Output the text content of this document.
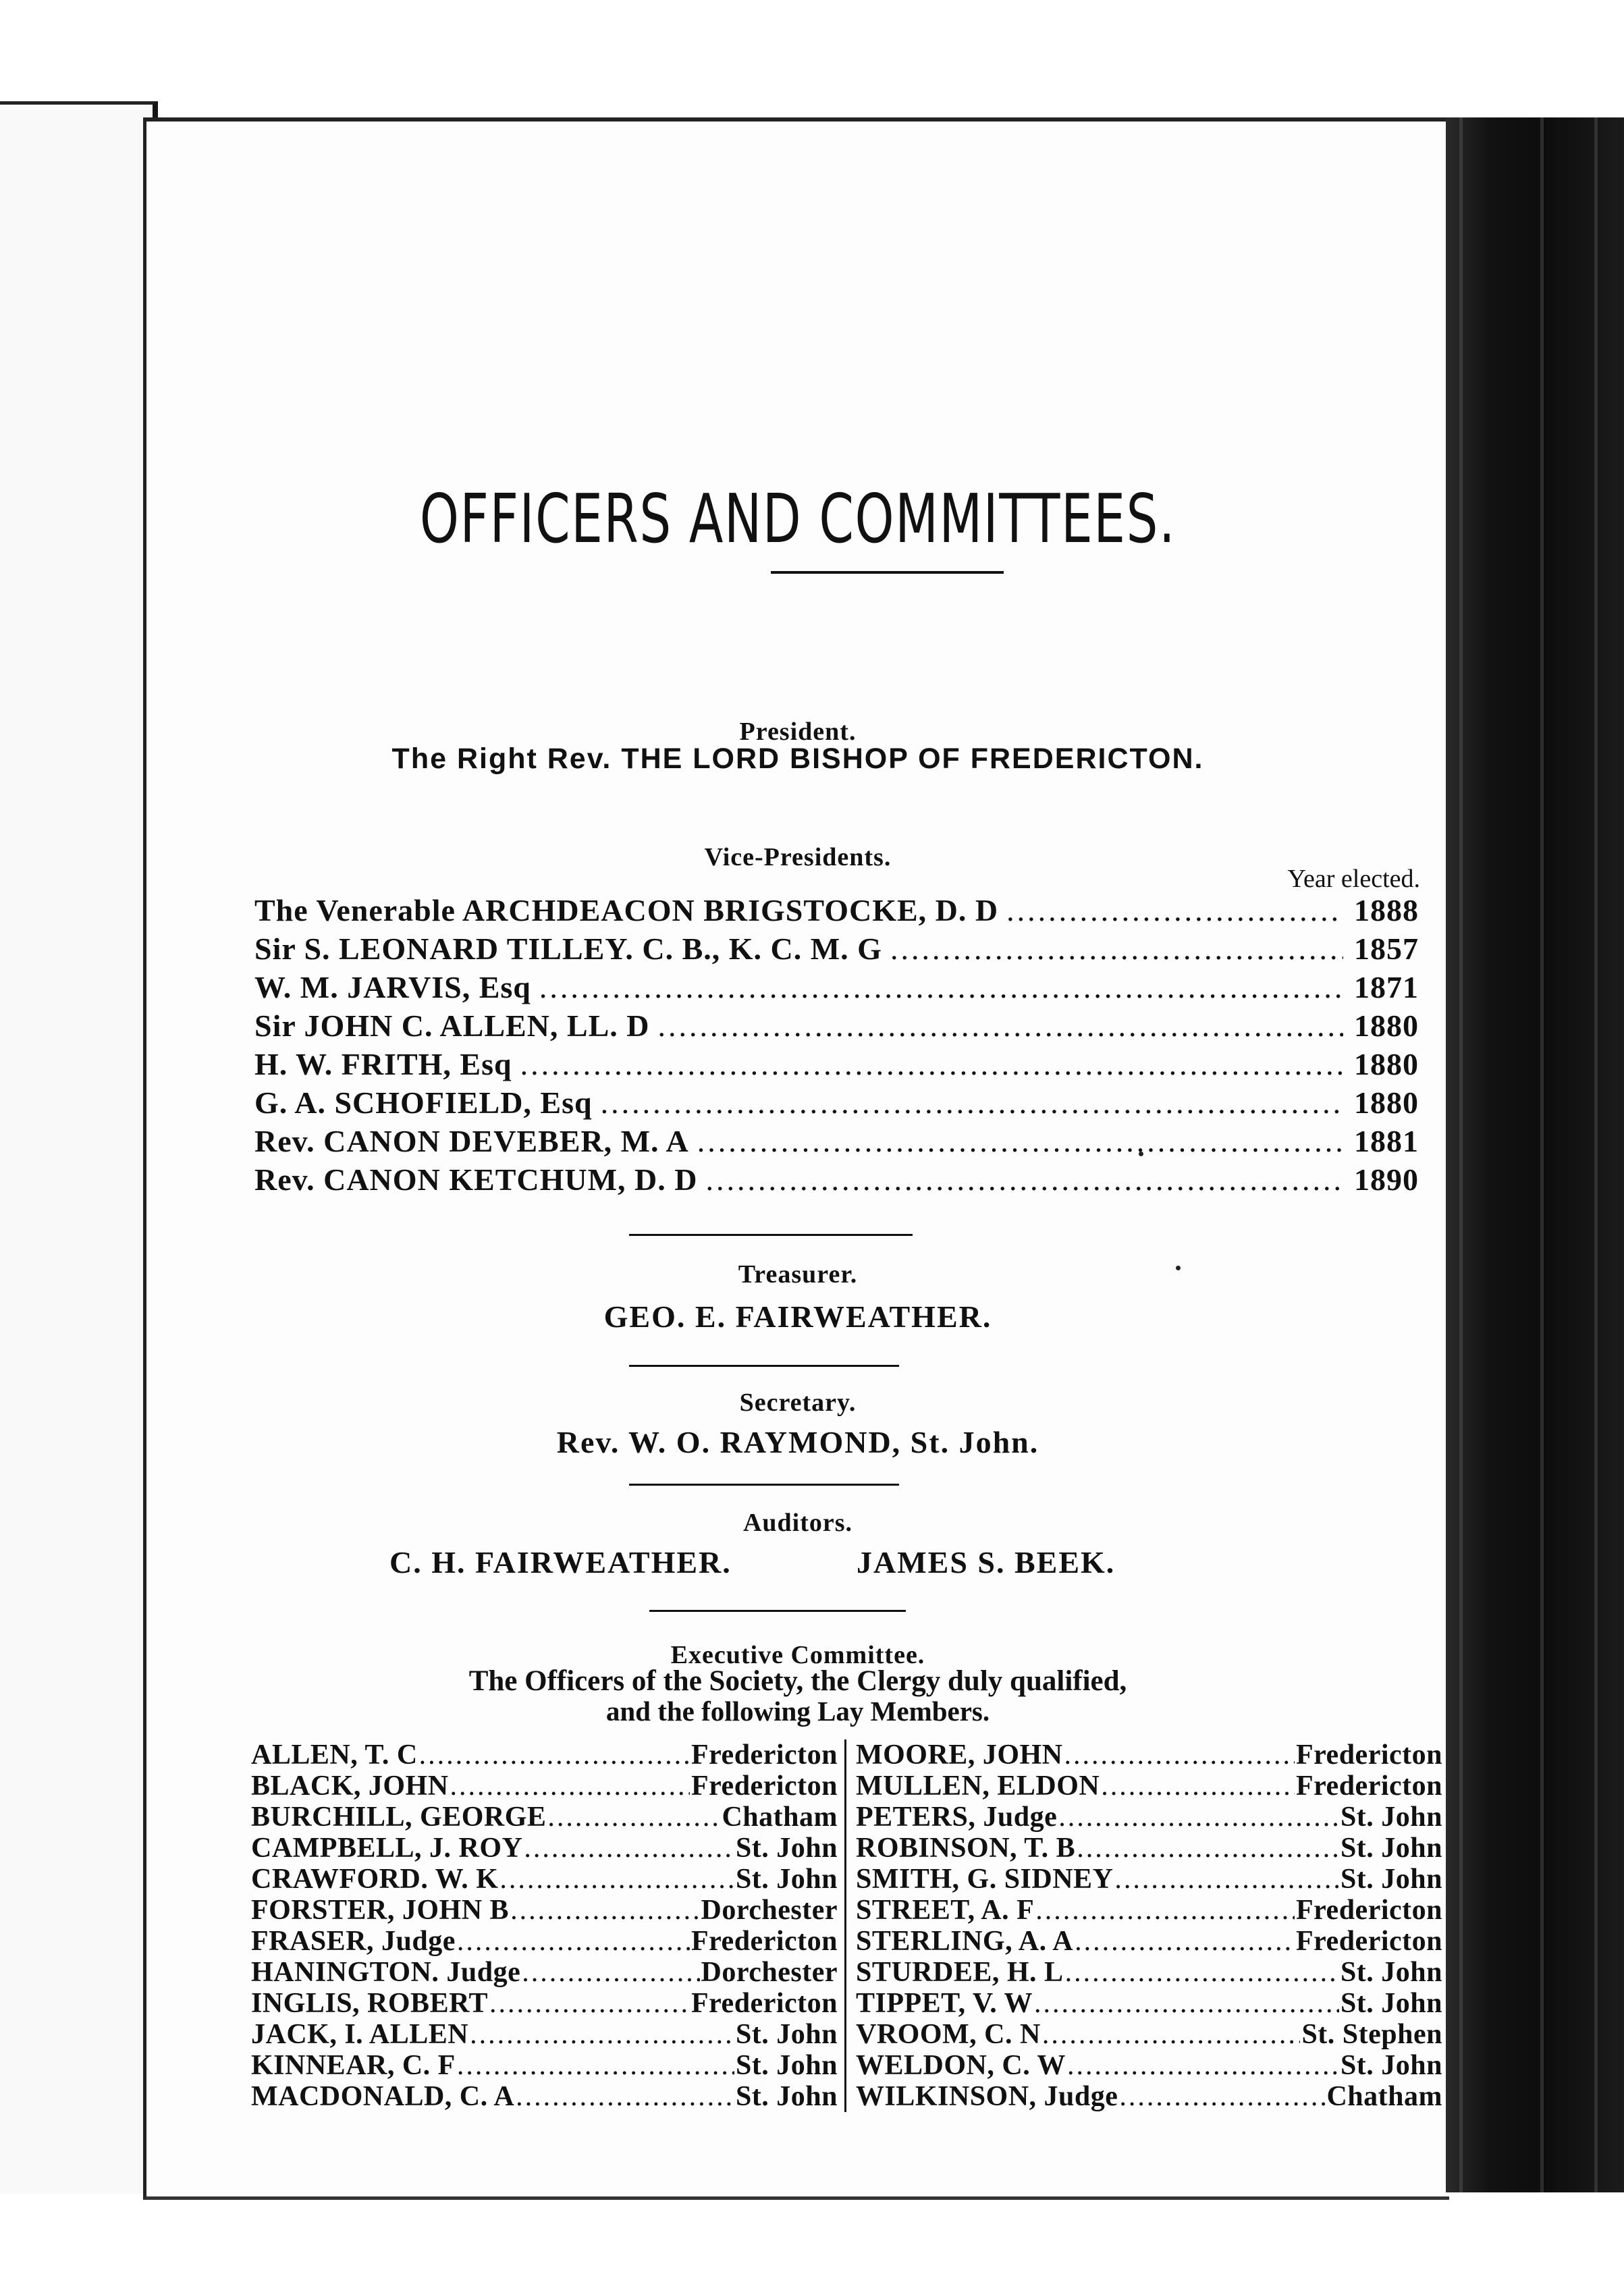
OFFICERS AND COMMITTEES.
President.
The Right Rev. THE LORD BISHOP OF FREDERICTON.
Vice-Presidents.
Year elected.
The Venerable ARCHDEACON BRIGSTOCKE, D. D .....	1888
Sir S. LEONARD TILLEY. C. B., K. C. M. G .....	1857
W. M. JARVIS, Esq .....	1871
Sir JOHN C. ALLEN, LL. D .....	1880
H. W. FRITH, Esq .....	1880
G. A. SCHOFIELD, Esq .....	1880
Rev. CANON DEVEBER, M. A .....	1881
Rev. CANON KETCHUM, D. D .....	1890
Treasurer.
GEO. E. FAIRWEATHER.
Secretary.
Rev. W. O. RAYMOND, St. John.
Auditors.
C. H. FAIRWEATHER.	JAMES S. BEEK.
Executive Committee.
The Officers of the Society, the Clergy duly qualified,
and the following Lay Members.
ALLEN, T. C .....	Fredericton
BLACK, JOHN .....	Fredericton
BURCHILL, GEORGE .....	Chatham
CAMPBELL, J. ROY .....	St. John
CRAWFORD. W. K .....	St. John
FORSTER, JOHN B .....	Dorchester
FRASER, Judge .....	Fredericton
HANINGTON. Judge .....	Dorchester
INGLIS, ROBERT .....	Fredericton
JACK, I. ALLEN .....	St. John
KINNEAR, C. F .....	St. John
MACDONALD, C. A .....	St. John
MOORE, JOHN .....	Fredericton
MULLEN, ELDON .....	Fredericton
PETERS, Judge .....	St. John
ROBINSON, T. B .....	St. John
SMITH, G. SIDNEY .....	St. John
STREET, A. F .....	Fredericton
STERLING, A. A .....	Fredericton
STURDEE, H. L .....	St. John
TIPPET, V. W .....	St. John
VROOM, C. N .....	St. Stephen
WELDON, C. W .....	St. John
WILKINSON, Judge .....	Chatham
